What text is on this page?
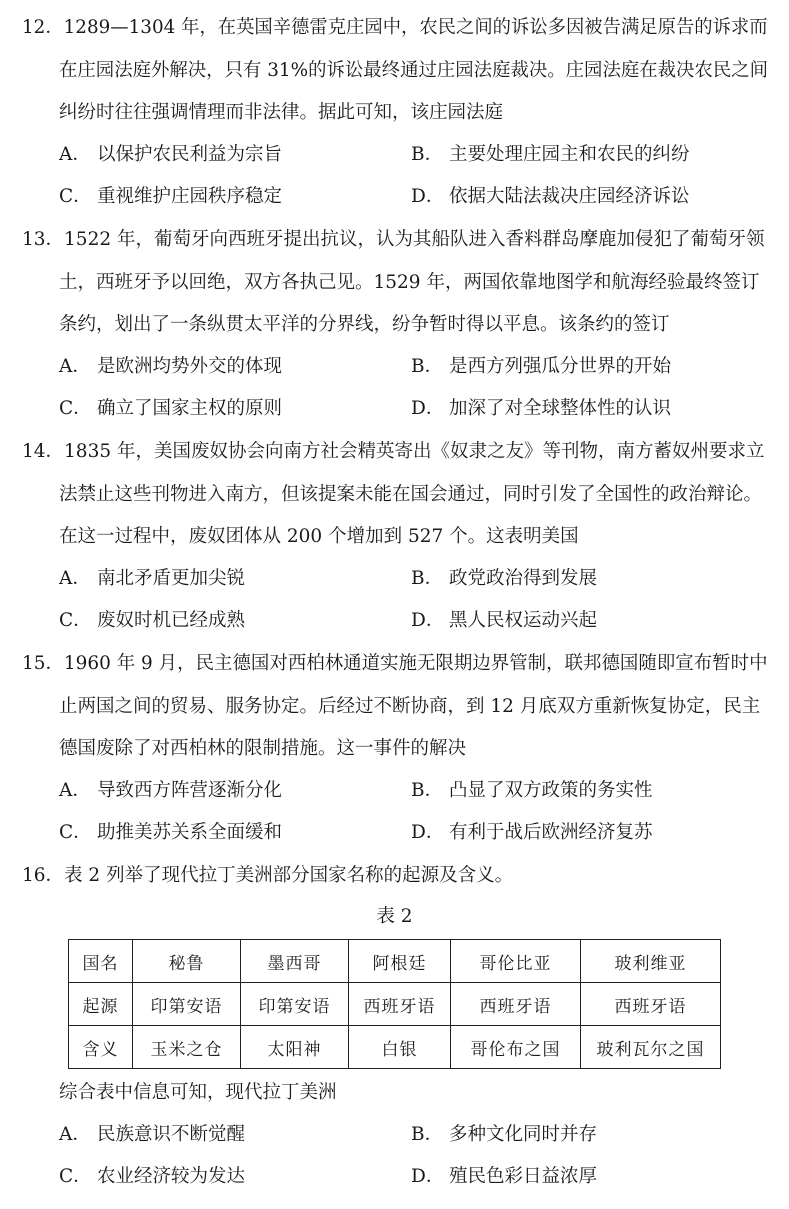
12．1289—1304 年，在英国辛德雷克庄园中，农民之间的诉讼多因被告满足原告的诉求而
在庄园法庭外解决，只有 31%的诉讼最终通过庄园法庭裁决。庄园法庭在裁决农民之间
纠纷时往往强调情理而非法律。据此可知，该庄园法庭
A． 以保护农民利益为宗旨	B． 主要处理庄园主和农民的纠纷
C． 重视维护庄园秩序稳定	D． 依据大陆法裁决庄园经济诉讼
13．1522 年，葡萄牙向西班牙提出抗议，认为其船队进入香料群岛摩鹿加侵犯了葡萄牙领
土，西班牙予以回绝，双方各执己见。1529 年，两国依靠地图学和航海经验最终签订
条约，划出了一条纵贯太平洋的分界线，纷争暂时得以平息。该条约的签订
A． 是欧洲均势外交的体现	B． 是西方列强瓜分世界的开始
C． 确立了国家主权的原则	D． 加深了对全球整体性的认识
14．1835 年，美国废奴协会向南方社会精英寄出《奴隶之友》等刊物，南方蓄奴州要求立
法禁止这些刊物进入南方，但该提案未能在国会通过，同时引发了全国性的政治辩论。
在这一过程中，废奴团体从 200 个增加到 527 个。这表明美国
A． 南北矛盾更加尖锐	B． 政党政治得到发展
C． 废奴时机已经成熟	D． 黑人民权运动兴起
15．1960 年 9 月，民主德国对西柏林通道实施无限期边界管制，联邦德国随即宣布暂时中
止两国之间的贸易、服务协定。后经过不断协商，到 12 月底双方重新恢复协定，民主
德国废除了对西柏林的限制措施。这一事件的解决
A． 导致西方阵营逐渐分化	B． 凸显了双方政策的务实性
C． 助推美苏关系全面缓和	D． 有利于战后欧洲经济复苏
16．表 2 列举了现代拉丁美洲部分国家名称的起源及含义。
表 2
国名	秘鲁	墨西哥	阿根廷	哥伦比亚	玻利维亚
起源	印第安语	印第安语	西班牙语	西班牙语	西班牙语
含义	玉米之仓	太阳神	白银	哥伦布之国	玻利瓦尔之国
综合表中信息可知，现代拉丁美洲
A． 民族意识不断觉醒	B． 多种文化同时并存
C． 农业经济较为发达	D． 殖民色彩日益浓厚
